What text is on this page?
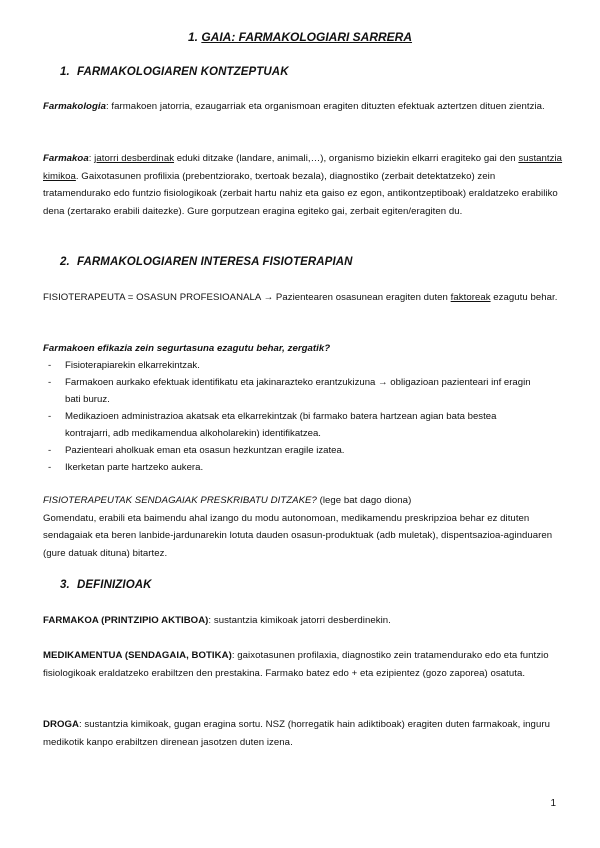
1. GAIA: FARMAKOLOGIARI SARRERA
1. FARMAKOLOGIAREN KONTZEPTUAK
Farmakologia: farmakoen jatorria, ezaugarriak eta organismoan eragiten dituzten efektuak aztertzen dituen zientzia.
Farmakoa: jatorri desberdinak eduki ditzake (landare, animali,…), organismo biziekin elkarri eragiteko gai den sustantzia kimikoa. Gaixotasunen profilixia (prebentziorako, txertoak bezala), diagnostiko (zerbait detektatzeko) zein tratamendurako edo funtzio fisiologikoak (zerbait hartu nahiz eta gaiso ez egon, antikontzeptiboak) eraldatzeko erabiliko dena (zertarako erabili daitezke). Gure gorputzean eragina egiteko gai, zerbait egiten/eragiten du.
2. FARMAKOLOGIAREN INTERESA FISIOTERAPIAN
FISIOTERAPEUTA = OSASUN PROFESIOANALA → Pazientearen osasunean eragiten duten faktoreak ezagutu behar.
Farmakoen efikazia zein segurtasuna ezagutu behar, zergatik?
- Fisioterapiarekin elkarrekintzak.
- Farmakoen aurkako efektuak identifikatu eta jakinarazteko erantzukizuna → obligazioan pazienteari inf eragin bati buruz.
- Medikazioen administrazioa akatsak eta elkarrekintzak (bi farmako batera hartzean agian bata bestea kontrajarri, adb medikamendua alkoholarekin) identifikatzea.
- Pazienteari aholkuak eman eta osasun hezkuntzan eragile izatea.
- Ikerketan parte hartzeko aukera.
FISIOTERAPEUTAK SENDAGAIAK PRESKRIBATU DITZAKE? (lege bat dago diona)
Gomendatu, erabili eta baimendu ahal izango du modu autonomoan, medikamendu preskripzioa behar ez dituten sendagaiak eta beren lanbide-jardunarekin lotuta dauden osasun-produktuak (adb muletak), dispentsazioa-aginduaren (gure datuak dituna) bitartez.
3. DEFINIZIOAK
FARMAKOA (PRINTZIPIO AKTIBOA): sustantzia kimikoak jatorri desberdinekin.
MEDIKAMENTUA (SENDAGAIA, BOTIKA): gaixotasunen profilaxia, diagnostiko zein tratamendurako edo eta funtzio fisiologikoak eraldatzeko erabiltzen den prestakina. Farmako batez edo + eta ezipientez (gozo zaporea) osatuta.
DROGA: sustantzia kimikoak, gugan eragina sortu. NSZ (horregatik hain adiktiboak) eragiten duten farmakoak, inguru medikotik kanpo erabiltzen direnean jasotzen duten izena.
1
